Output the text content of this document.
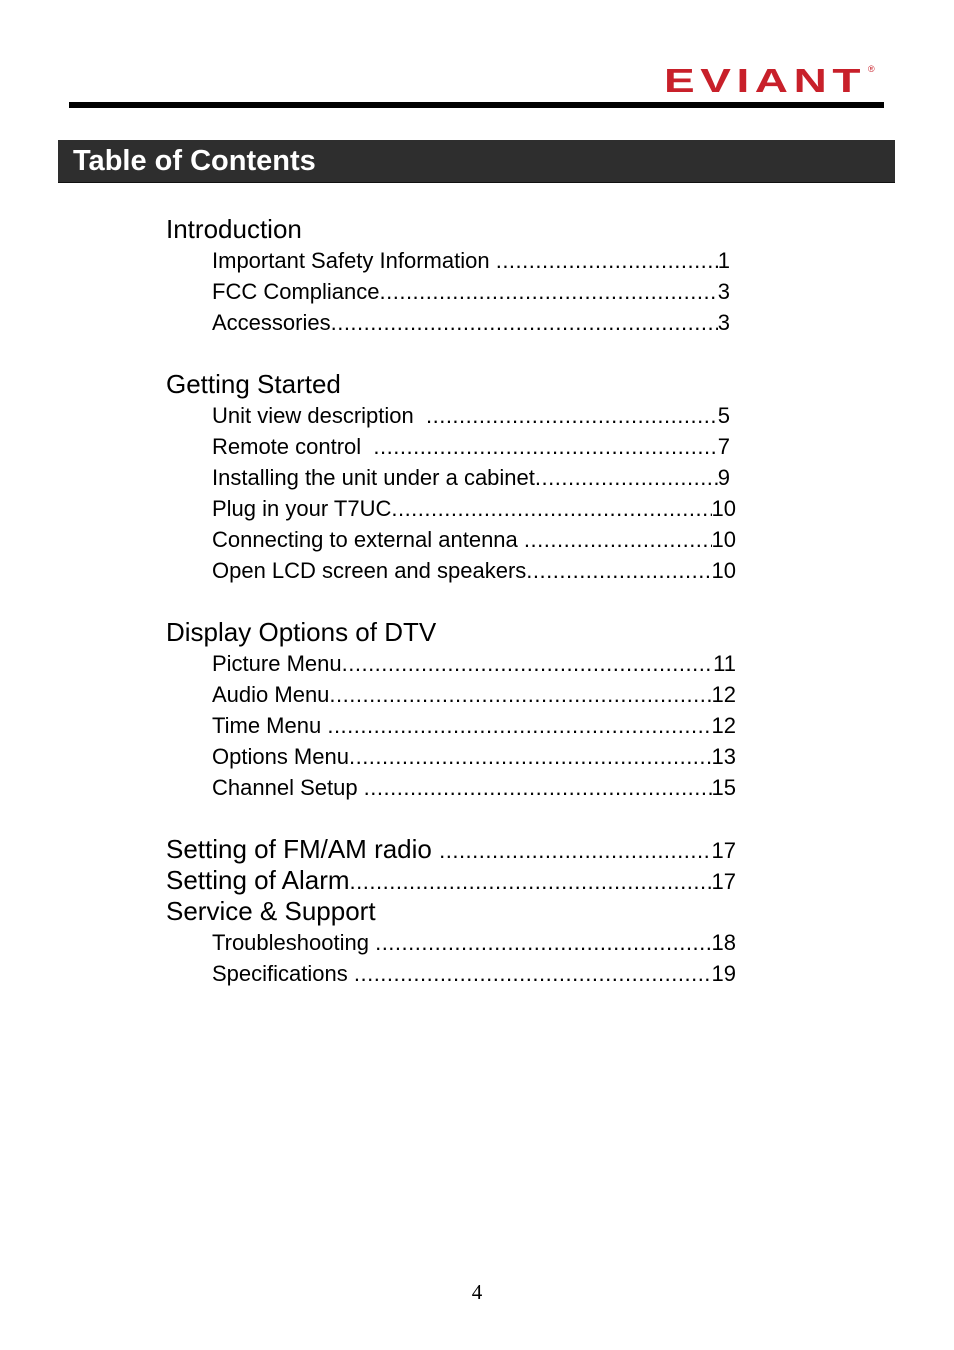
EVIANT ®
Table of Contents
Introduction
Important Safety Information .....	1
FCC Compliance .....	3
Accessories .....	3
Getting Started
Unit view description .....	5
Remote control .....	7
Installing the unit under a cabinet .....	9
Plug in your T7UC .....	10
Connecting to external antenna .....	10
Open LCD screen and speakers .....	10
Display Options of DTV
Picture Menu .....	11
Audio Menu .....	12
Time Menu .....	12
Options Menu .....	13
Channel Setup .....	15
Setting of FM/AM radio .....	17
Setting of Alarm .....	17
Service & Support
Troubleshooting .....	18
Specifications .....	19
4
